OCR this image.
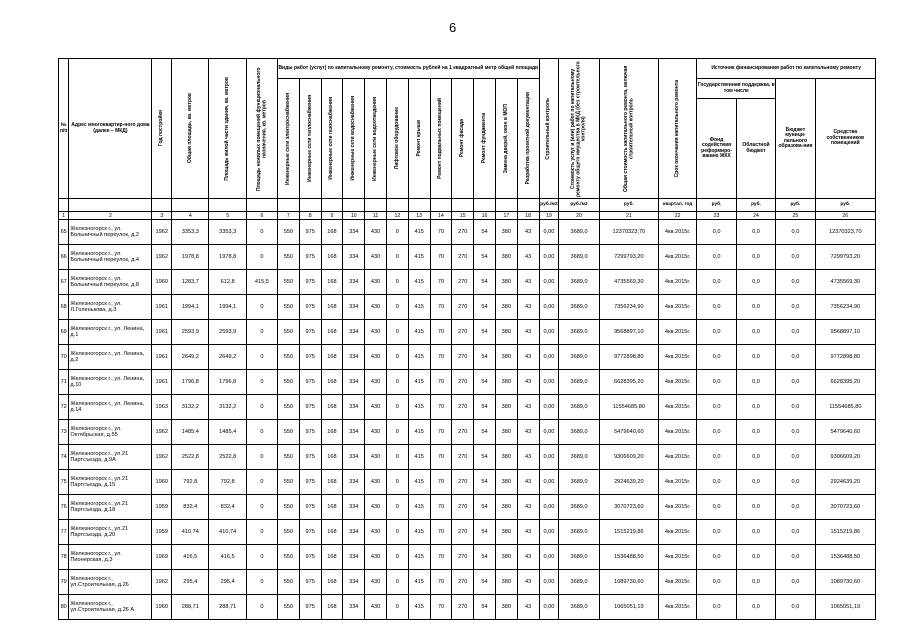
6
№ п/п	Адрес многоквартир-ного дома (далее – МКД)	Год постройки	Общая площадь, кв. метров	Площадь жилой части здания, кв. метров	Площадь нежилых помещений функционального назначения, кв. метров	Виды работ (услуг) по капитальному ремонту, стоимость рублей на 1 квадратный метр общей площади												Строительный контроль	Стоимость услуг и (или) работ по капитальному ремонту общего имущества в МКД (без строительного контроля)	Общая стоимость капитального ремонта, включая строительный контроль	Срок окончания капитального ремонта	Источник финансирования работ по капитальному ремонту			

						Инженерные сети электроснабжения	Инженерные сети теплоснабжения	Инженерные сети газоснабжения	Инженерные сети водоснабжения	Инженерные сети водоотведения	Лифтовое оборудование	Ремонт крыши	Ремонт подвальных помещений	Ремонт фасада	Ремонт фундамента	Замена дверей, окон в МОП	Разработка проектной документации					Государственная поддержка, в том числе		Бюджет муници-пального образова-ния	Средства собственников помещений
																						Фонд содействия реформиро-ванию ЖКХ	Областной бюджет		
																		руб./м2	руб./м2	руб.	квартал, год	руб.	руб.	руб.	руб.
1	2	3	4	5	6	7	8	9	10	11	12	13	14	15	16	17	18	19	20	21	22	23	24	25	26
65	Железногорск г., ул. Больничный переулок, д.2	1962	3353,3	3353,3	0	550	975	168	334	430	0	415	70	270	54	380	43	0,00	3689,0	12370323,70	4кв.2015г.	0,0	0,0	0,0	12370323,70
66	Железногорск г., ул. Больничный переулок, д.4	1962	1978,8	1978,8	0	550	975	168	334	430	0	415	70	270	54	380	43	0,00	3689,0	7299793,20	4кв.2015г.	0,0	0,0	0,0	7299793,20
67	Железногорск г., ул. Больничный переулок, д.8	1960	1283,7	612,8	415,5	550	975	168	334	430	0	415	70	270	54	380	43	0,00	3689,0	4735569,30	4кв.2015г.	0,0	0,0	0,0	4735569,30
68	Железногорск г., ул. Л.Голенькова, д.3	1961	1994,1	1994,1	0	550	975	168	334	430	0	415	70	270	54	380	43	0,00	3689,0	7356234,90	4кв.2015г.	0,0	0,0	0,0	7356234,90
69	Железногорск г., ул. Ленина, д.1	1961	2593,9	2593,9	0	550	975	168	334	430	0	415	70	270	54	380	43	0,00	3689,0	9568897,10	4кв.2015г.	0,0	0,0	0,0	9568897,10
70	Железногорск г., ул. Ленина, д.2	1961	2649,2	2649,2	0	550	975	168	334	430	0	415	70	270	54	380	43	0,00	3689,0	9772898,80	4кв.2015г.	0,0	0,0	0,0	9772898,80
71	Железногорск г., ул. Ленина, д.10	1961	1796,8	1796,8	0	550	975	168	334	430	0	415	70	270	54	380	43	0,00	3689,0	6628395,20	4кв.2015г.	0,0	0,0	0,0	6628395,20
72	Железногорск г., ул. Ленина, д.14	1963	3132,2	3132,2	0	550	975	168	334	430	0	415	70	270	54	380	43	0,00	3689,0	11554685,80	4кв.2015г.	0,0	0,0	0,0	11554685,80
73	Железногорск г., ул. Октябрьская, д.55	1962	1485,4	1485,4	0	550	975	168	334	430	0	415	70	270	54	380	43	0,00	3689,0	5479640,60	4кв.2015г.	0,0	0,0	0,0	5479640,60
74	Железногорск г., ул.21 Партсъезда, д.9А	1962	2522,8	2522,8	0	550	975	168	334	430	0	415	70	270	54	380	43	0,00	3689,0	9306609,20	4кв.2015г.	0,0	0,0	0,0	9306609,20
75	Железногорск г., ул.21 Партсъезда, д.15	1960	792,8	792,8	0	550	975	168	334	430	0	415	70	270	54	380	43	0,00	3689,0	2924639,20	4кв.2015г.	0,0	0,0	0,0	2924639,20
76	Железногорск г., ул.21 Партсъезда, д.18	1959	832,4	832,4	0	550	975	168	334	430	0	415	70	270	54	380	43	0,00	3689,0	3070723,60	4кв.2015г.	0,0	0,0	0,0	3070723,60
77	Железногорск г., ул.21 Партсъезда, д.20	1959	410,74	410,74	0	550	975	168	334	430	0	415	70	270	54	380	43	0,00	3689,0	1515219,86	4кв.2015г.	0,0	0,0	0,0	1515219,86
78	Железногорск г., ул. Пионерская, д.3	1969	416,5	416,5	0	550	975	168	334	430	0	415	70	270	54	380	43	0,00	3689,0	1536488,50	4кв.2015г.	0,0	0,0	0,0	1536488,50
79	Железногорск г., ул.Строительная, д.26	1962	295,4	295,4	0	550	975	168	334	430	0	415	70	270	54	380	43	0,00	3689,0	1089730,60	4кв.2015г.	0,0	0,0	0,0	1089730,60
80	Железногорск г., ул.Строительная, д.26 А	1960	288,71	288,71	0	550	975	168	334	430	0	415	70	270	54	380	43	0,00	3689,0	1065051,19	4кв.2015г.	0,0	0,0	0,0	1065051,19
